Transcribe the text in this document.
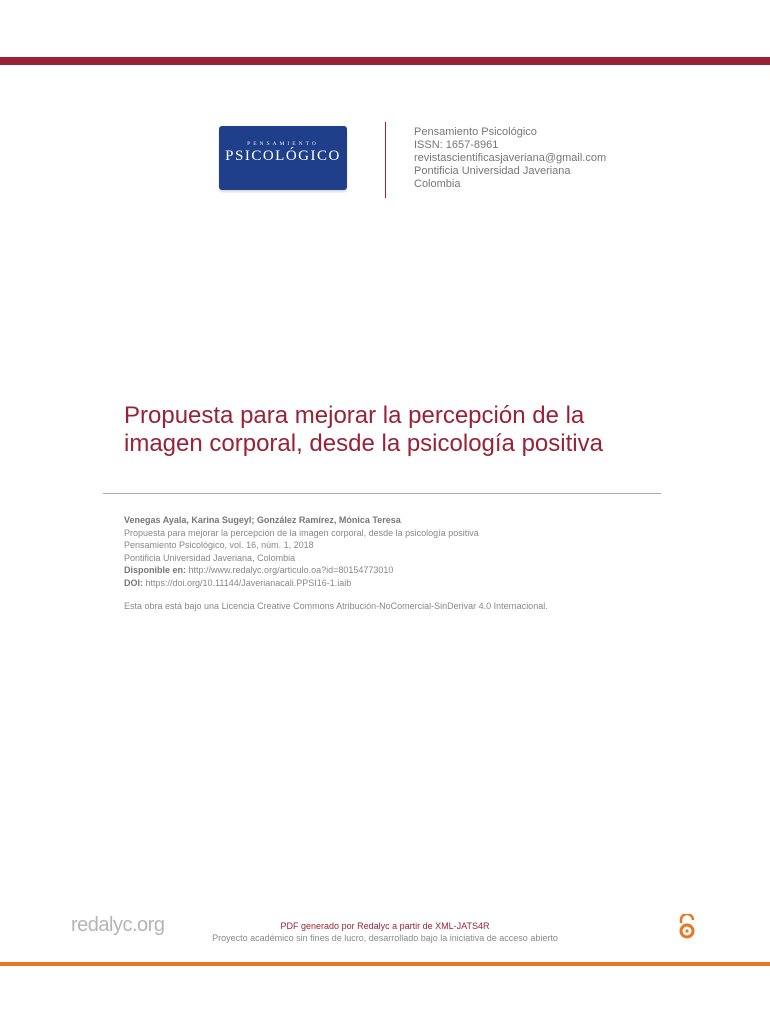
PENSAMIENTO
PSICOLÓGICO
Pensamiento Psicológico
ISSN: 1657-8961
revistascientificasjaveriana@gmail.com
Pontificia Universidad Javeriana
Colombia
Propuesta para mejorar la percepción de la imagen corporal, desde la psicología positiva
Venegas Ayala, Karina Sugeyl; González Ramírez, Mónica Teresa
Propuesta para mejorar la percepción de la imagen corporal, desde la psicología positiva
Pensamiento Psicológico, vol. 16, núm. 1, 2018
Pontificia Universidad Javeriana, Colombia
Disponible en: http://www.redalyc.org/articulo.oa?id=80154773010
DOI: https://doi.org/10.11144/Javerianacali.PPSI16-1.iaib
Esta obra está bajo una Licencia Creative Commons Atribución-NoComercial-SinDerivar 4.0 Internacional.
redalyc.org	PDF generado por Redalyc a partir de XML-JATS4R
Proyecto académico sin fines de lucro, desarrollado bajo la iniciativa de acceso abierto
